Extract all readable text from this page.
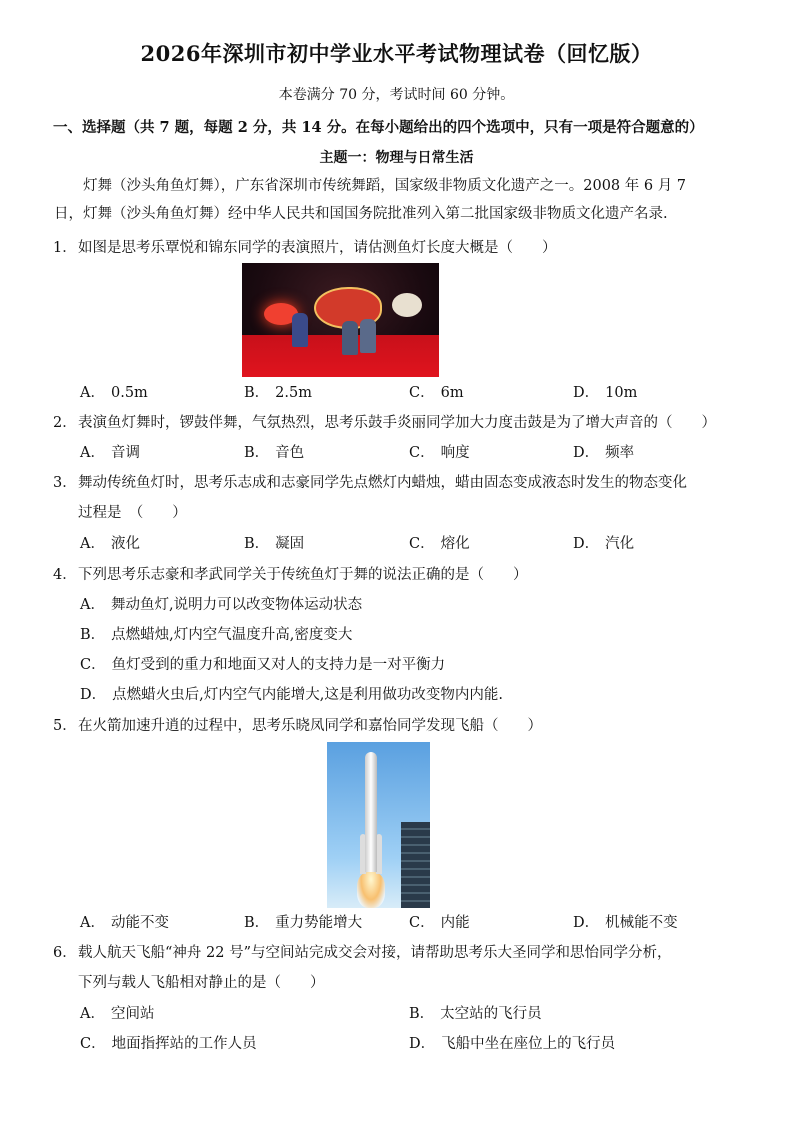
2026年深圳市初中学业水平考试物理试卷（回忆版）
本卷满分 70 分，考试时间 60 分钟。
一、选择题（共 7 题，每题 2 分，共 14 分。在每小题给出的四个选项中，只有一项是符合题意的）
主题一：物理与日常生活
灯舞（沙头角鱼灯舞），广东省深圳市传统舞蹈，国家级非物质文化遗产之一。2008 年 6 月 7
日，灯舞（沙头角鱼灯舞）经中华人民共和国国务院批准列入第二批国家级非物质文化遗产名录.
1． 如图是思考乐覃悦和锦东同学的表演照片，请估测鱼灯长度大概是（　　）
A． 0.5m	B． 2.5m	C． 6m	D． 10m
2． 表演鱼灯舞时，锣鼓伴舞，气氛热烈，思考乐鼓手炎丽同学加大力度击鼓是为了增大声音的（　　）
A． 音调	B． 音色	C． 响度	D． 频率
3． 舞动传统鱼灯时，思考乐志成和志豪同学先点燃灯内蜡烛，蜡由固态变成液态时发生的物态变化
过程是　（　　）
A． 液化	B． 凝固	C． 熔化	D． 汽化
4． 下列思考乐志豪和孝武同学关于传统鱼灯于舞的说法正确的是（　　）
A． 舞动鱼灯,说明力可以改变物体运动状态
B． 点燃蜡烛,灯内空气温度升高,密度变大
C． 鱼灯受到的重力和地面又对人的支持力是一对平衡力
D． 点燃蜡火虫后,灯内空气内能增大,这是利用做功改变物内内能.
5． 在火箭加速升逍的过程中，思考乐晓凤同学和嘉怡同学发现飞船（　　）
A． 动能不变	B． 重力势能增大	C． 内能	D． 机械能不变
6． 载人航天飞船“神舟 22 号”与空间站完成交会对接，请帮助思考乐大圣同学和思怡同学分析，
下列与载人飞船相对静止的是（　　）
A． 空间站	B． 太空站的飞行员
C． 地面指挥站的工作人员	D． 飞船中坐在座位上的飞行员
